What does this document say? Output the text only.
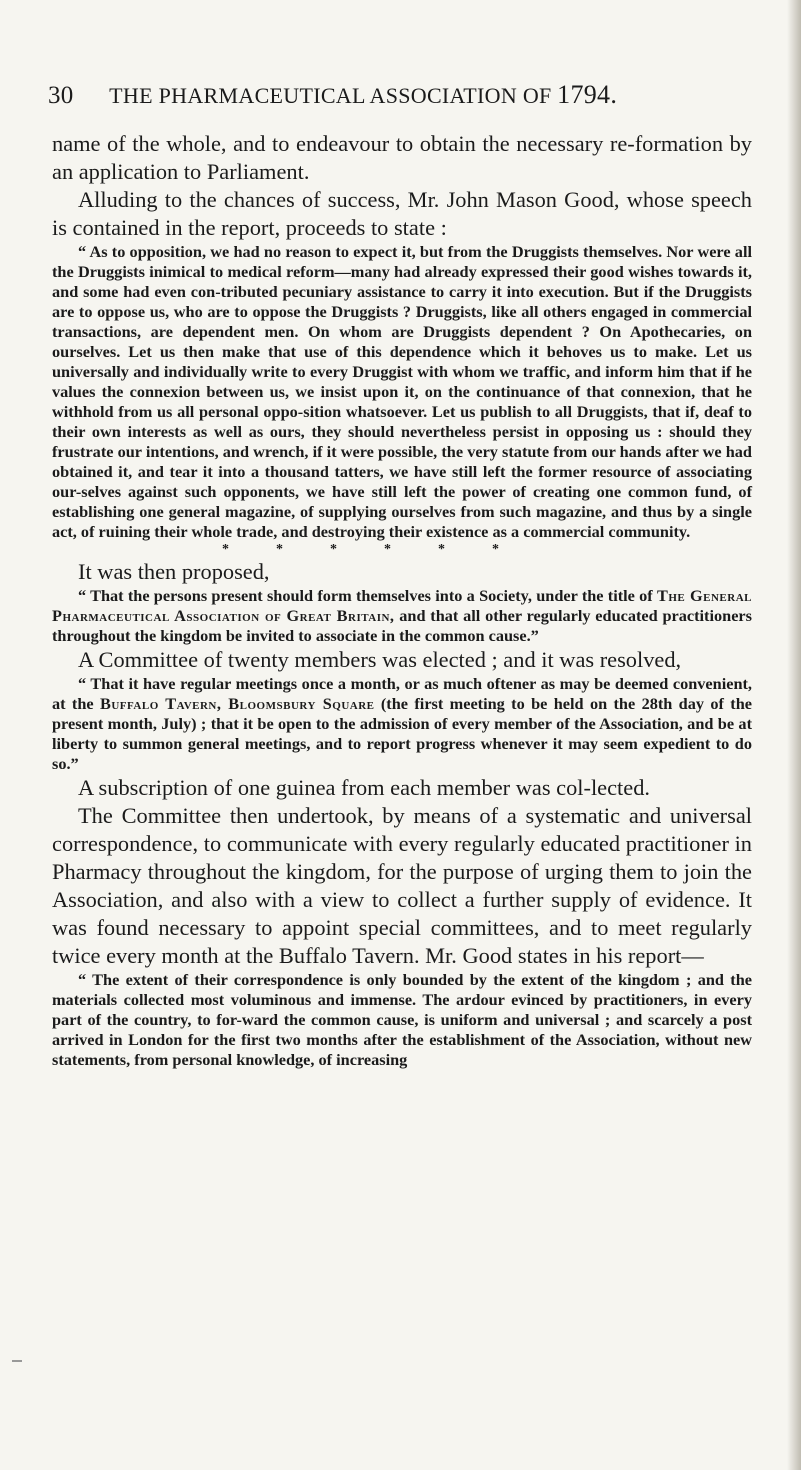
30 THE PHARMACEUTICAL ASSOCIATION OF 1794.

name of the whole, and to endeavour to obtain the necessary re-formation by an application to Parliament.

Alluding to the chances of success, Mr. John Mason Good, whose speech is contained in the report, proceeds to state :

“ As to opposition, we had no reason to expect it, but from the Druggists themselves. Nor were all the Druggists inimical to medical reform—many had already expressed their good wishes towards it, and some had even con-tributed pecuniary assistance to carry it into execution. But if the Druggists are to oppose us, who are to oppose the Druggists ? Druggists, like all others engaged in commercial transactions, are dependent men. On whom are Druggists dependent ? On Apothecaries, on ourselves. Let us then make that use of this dependence which it behoves us to make. Let us universally and individually write to every Druggist with whom we traffic, and inform him that if he values the connexion between us, we insist upon it, on the continuance of that connexion, that he withhold from us all personal oppo-sition whatsoever. Let us publish to all Druggists, that if, deaf to their own interests as well as ours, they should nevertheless persist in opposing us : should they frustrate our intentions, and wrench, if it were possible, the very statute from our hands after we had obtained it, and tear it into a thousand tatters, we have still left the former resource of associating our-selves against such opponents, we have still left the power of creating one common fund, of establishing one general magazine, of supplying ourselves from such magazine, and thus by a single act, of ruining their whole trade, and destroying their existence as a commercial community.

*	*	*	*	*	*

It was then proposed,

“ That the persons present should form themselves into a Society, under the title of The General Pharmaceutical Association of Great Britain, and that all other regularly educated practitioners throughout the kingdom be invited to associate in the common cause.”

A Committee of twenty members was elected ; and it was resolved,

“ That it have regular meetings once a month, or as much oftener as may be deemed convenient, at the Buffalo Tavern, Bloomsbury Square (the first meeting to be held on the 28th day of the present month, July) ; that it be open to the admission of every member of the Association, and be at liberty to summon general meetings, and to report progress whenever it may seem expedient to do so.”

A subscription of one guinea from each member was col-lected.

The Committee then undertook, by means of a systematic and universal correspondence, to communicate with every regularly educated practitioner in Pharmacy throughout the kingdom, for the purpose of urging them to join the Association, and also with a view to collect a further supply of evidence. It was found necessary to appoint special committees, and to meet regularly twice every month at the Buffalo Tavern. Mr. Good states in his report—

“ The extent of their correspondence is only bounded by the extent of the kingdom ; and the materials collected most voluminous and immense. The ardour evinced by practitioners, in every part of the country, to for-ward the common cause, is uniform and universal ; and scarcely a post arrived in London for the first two months after the establishment of the Association, without new statements, from personal knowledge, of increasing
